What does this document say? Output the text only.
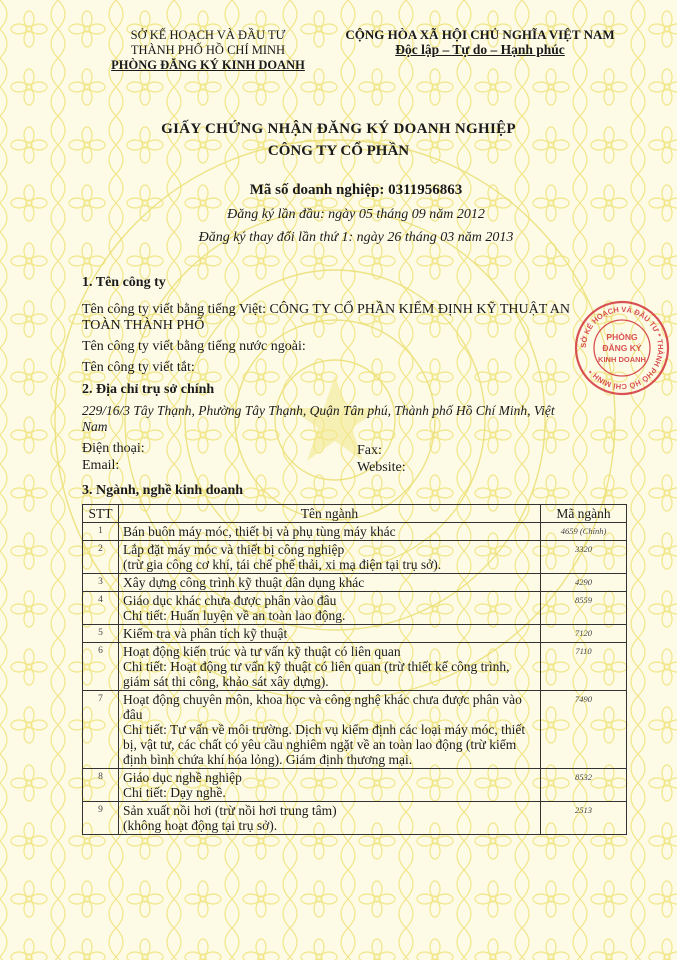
SỞ KẾ HOẠCH VÀ ĐẦU TƯ
THÀNH PHỐ HỒ CHÍ MINH
PHÒNG ĐĂNG KÝ KINH DOANH
CỘNG HÒA XÃ HỘI CHỦ NGHĨA VIỆT NAM
Độc lập – Tự do – Hạnh phúc
GIẤY CHỨNG NHẬN ĐĂNG KÝ DOANH NGHIỆP
CÔNG TY CỔ PHẦN
Mã số doanh nghiệp: 0311956863
Đăng ký lần đầu: ngày 05 tháng 09 năm 2012
Đăng ký thay đổi lần thứ 1: ngày 26 tháng 03 năm 2013
1. Tên công ty
Tên công ty viết bằng tiếng Việt: CÔNG TY CỔ PHẦN KIỂM ĐỊNH KỸ THUẬT AN
TOÀN THÀNH PHỐ
Tên công ty viết bằng tiếng nước ngoài:
Tên công ty viết tắt:
2. Địa chỉ trụ sở chính
229/16/3 Tây Thạnh, Phường Tây Thạnh, Quận Tân phú, Thành phố Hồ Chí Minh, Việt
Nam
Điện thoại:	Fax:
Email:	Website:
3. Ngành, nghề kinh doanh
STT	Tên ngành	Mã ngành
1	Bán buôn máy móc, thiết bị và phụ tùng máy khác	4659 (Chính)
2	Lắp đặt máy móc và thiết bị công nghiệp
(trừ gia công cơ khí, tái chế phế thải, xi mạ điện tại trụ sở).	3320
3	Xây dựng công trình kỹ thuật dân dụng khác	4290
4	Giáo dục khác chưa được phân vào đâu
Chi tiết: Huấn luyện về an toàn lao động.	8559
5	Kiểm tra và phân tích kỹ thuật	7120
6	Hoạt động kiến trúc và tư vấn kỹ thuật có liên quan
Chi tiết: Hoạt động tư vấn kỹ thuật có liên quan (trừ thiết kế công trình, giám sát thi công, khảo sát xây dựng).	7110
7	Hoạt động chuyên môn, khoa học và công nghệ khác chưa được phân vào đâu
Chi tiết: Tư vấn về môi trường. Dịch vụ kiểm định các loại máy móc, thiết bị, vật tư, các chất có yêu cầu nghiêm ngặt về an toàn lao động (trừ kiểm định bình chứa khí hóa lỏng). Giám định thương mại.	7490
8	Giáo dục nghề nghiệp
Chi tiết: Dạy nghề.	8532
9	Sản xuất nồi hơi (trừ nồi hơi trung tâm)
(không hoạt động tại trụ sở).	2513
SỞ KẾ HOẠCH VÀ ĐẦU TƯ * THÀNH PHỐ HỒ CHÍ MINH *
PHÒNG
ĐĂNG KÝ
KINH DOANH
